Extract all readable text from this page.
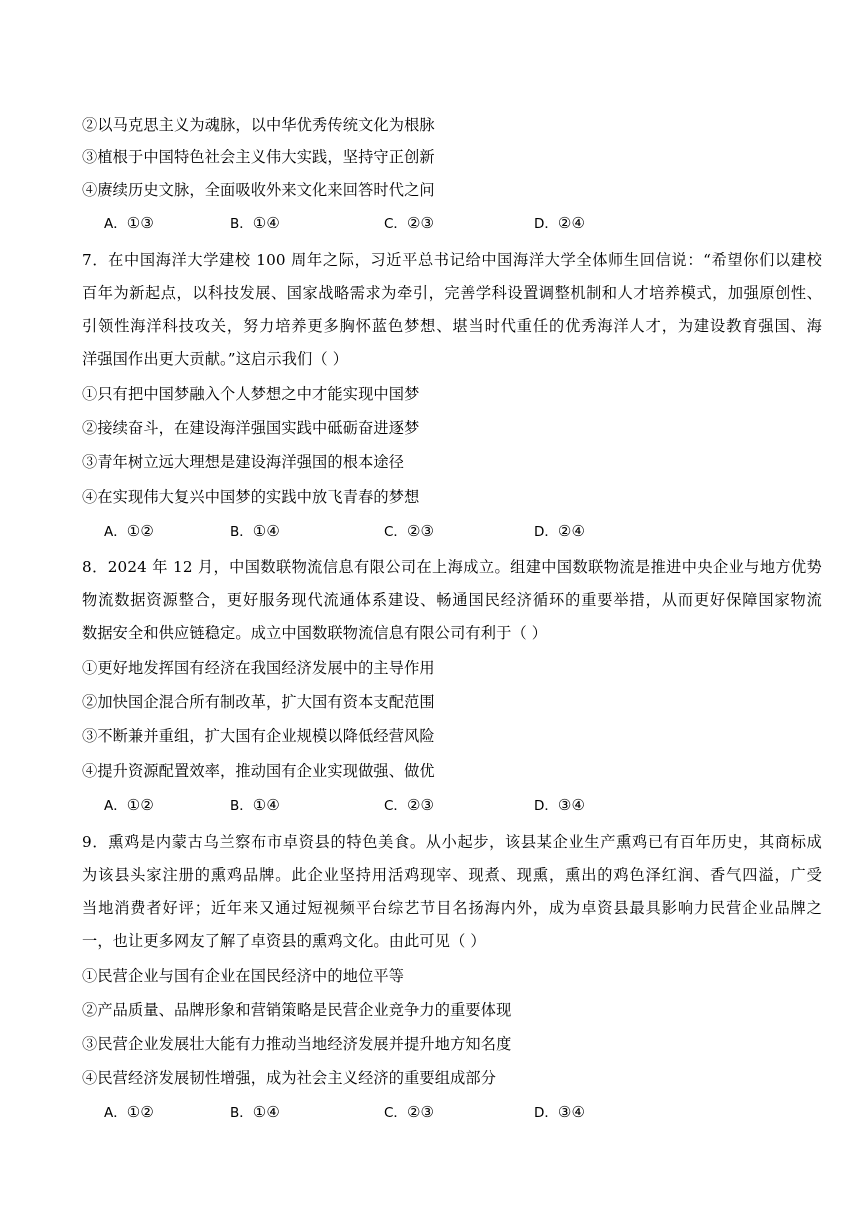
②以马克思主义为魂脉，以中华优秀传统文化为根脉
③植根于中国特色社会主义伟大实践，坚持守正创新
④赓续历史文脉，全面吸收外来文化来回答时代之问
A．①③	B．①④	C．②③	D．②④
7．在中国海洋大学建校 100 周年之际，习近平总书记给中国海洋大学全体师生回信说：“希望你们以建校
百年为新起点，以科技发展、国家战略需求为牵引，完善学科设置调整机制和人才培养模式，加强原创性、
引领性海洋科技攻关，努力培养更多胸怀蓝色梦想、堪当时代重任的优秀海洋人才，为建设教育强国、海
洋强国作出更大贡献。”这启示我们（ ）
①只有把中国梦融入个人梦想之中才能实现中国梦
②接续奋斗，在建设海洋强国实践中砥砺奋进逐梦
③青年树立远大理想是建设海洋强国的根本途径
④在实现伟大复兴中国梦的实践中放飞青春的梦想
A．①②	B．①④	C．②③	D．②④
8．2024 年 12 月，中国数联物流信息有限公司在上海成立。组建中国数联物流是推进中央企业与地方优势
物流数据资源整合，更好服务现代流通体系建设、畅通国民经济循环的重要举措，从而更好保障国家物流
数据安全和供应链稳定。成立中国数联物流信息有限公司有利于（ ）
①更好地发挥国有经济在我国经济发展中的主导作用
②加快国企混合所有制改革，扩大国有资本支配范围
③不断兼并重组，扩大国有企业规模以降低经营风险
④提升资源配置效率，推动国有企业实现做强、做优
A．①②	B．①④	C．②③	D．③④
9．熏鸡是内蒙古乌兰察布市卓资县的特色美食。从小起步，该县某企业生产熏鸡已有百年历史，其商标成
为该县头家注册的熏鸡品牌。此企业坚持用活鸡现宰、现煮、现熏，熏出的鸡色泽红润、香气四溢，广受
当地消费者好评；近年来又通过短视频平台综艺节目名扬海内外，成为卓资县最具影响力民营企业品牌之
一，也让更多网友了解了卓资县的熏鸡文化。由此可见（ ）
①民营企业与国有企业在国民经济中的地位平等
②产品质量、品牌形象和营销策略是民营企业竞争力的重要体现
③民营企业发展壮大能有力推动当地经济发展并提升地方知名度
④民营经济发展韧性增强，成为社会主义经济的重要组成部分
A．①②	B．①④	C．②③	D．③④
